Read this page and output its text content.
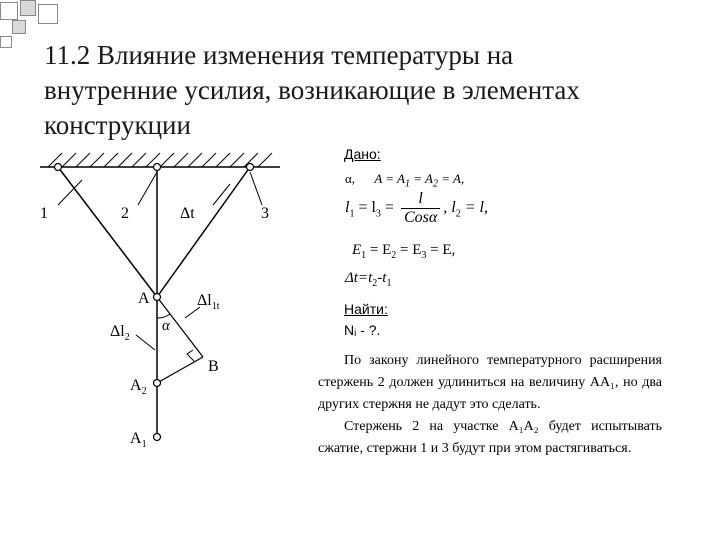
11.2 Влияние изменения температуры на
внутренние усилия, возникающие в элементах
конструкции
1	2	Δt	3
A
α
$\Delta l_{1t}$
$\Delta l_2$
B
$A_2$
$A_1$
Дано:
α, $A = A_1 = A_2 = A$,
$l_1 = l_3 = \frac{l}{\text{Cosα}}$ , $l_2 = l$,
$E_1 = E_2 = E_3 = E$,
$\Delta t=t_2-t_1$
Найти:
Nᵢ - ?.

По закону линейного температурного расширения стержень 2 должен удлиниться на величину АА₁, но два других стержня не дадут это сделать.

Стержень 2 на участке А₁А₂ будет испытывать сжатие, стержни 1 и 3 будут при этом растягиваться.
